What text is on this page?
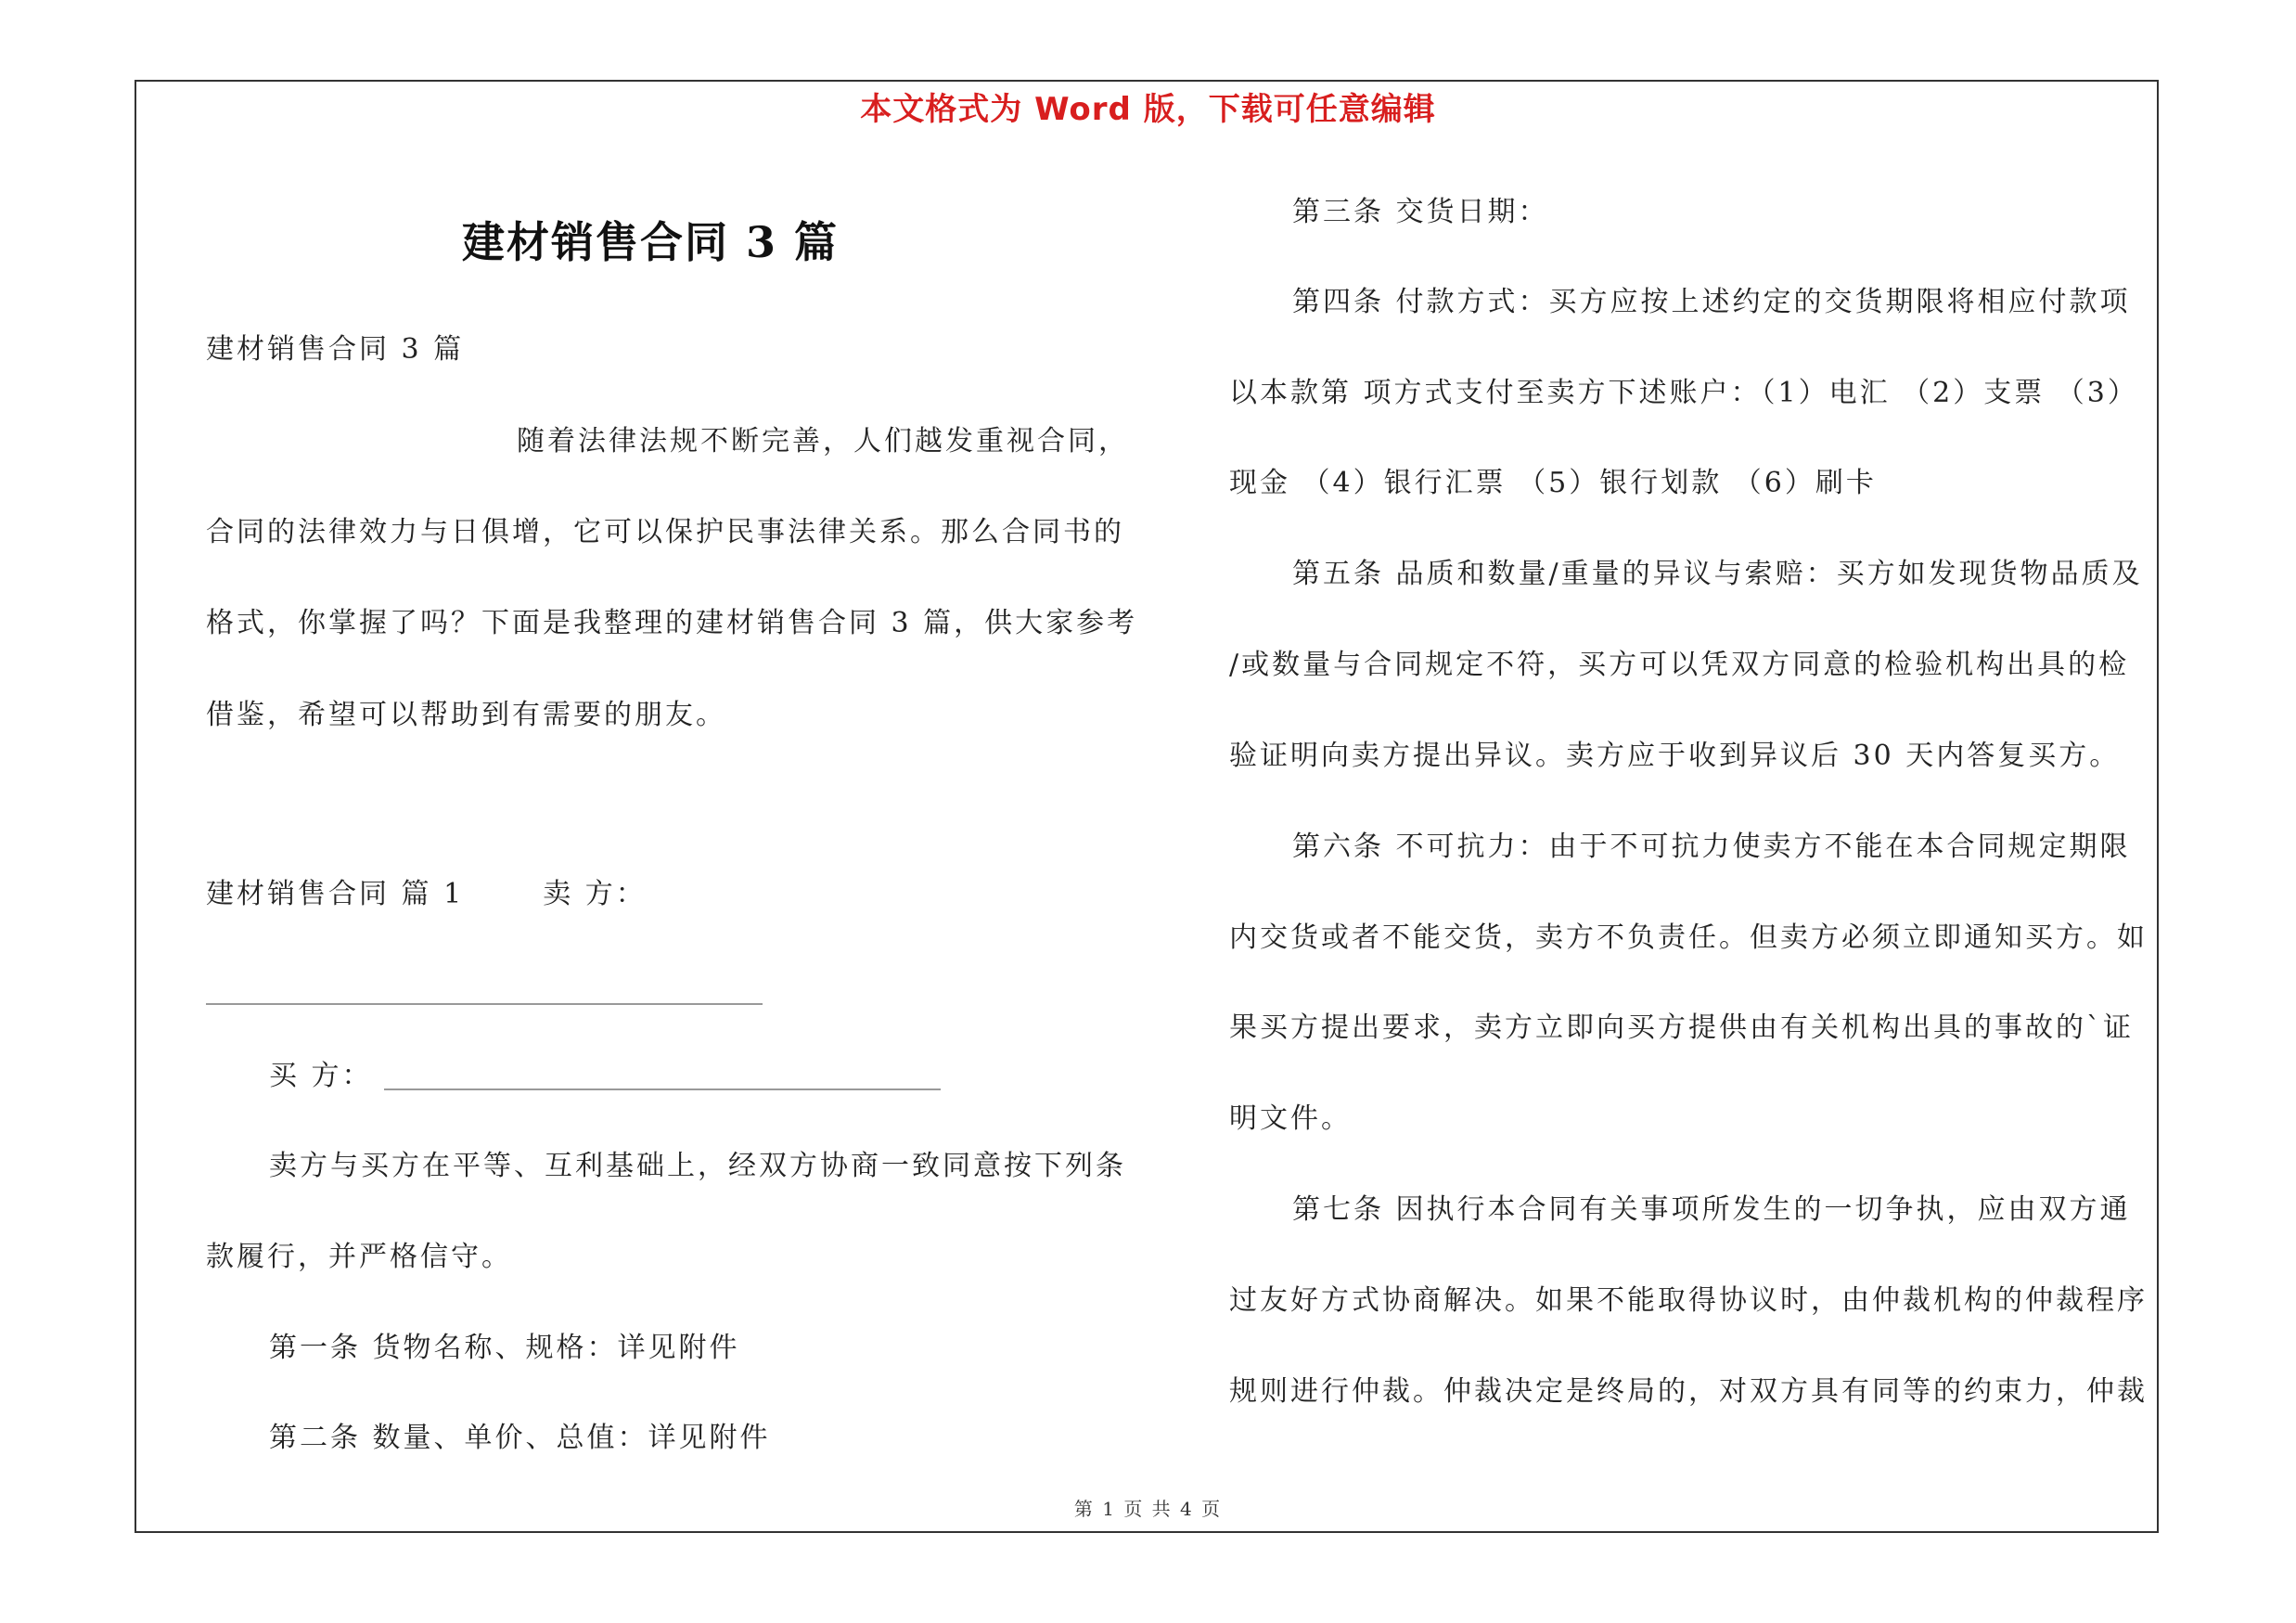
本文格式为 Word 版，下载可任意编辑
建材销售合同 3 篇
建材销售合同 3 篇
随着法律法规不断完善，人们越发重视合同，
合同的法律效力与日俱增，它可以保护民事法律关系。那么合同书的
格式，你掌握了吗？下面是我整理的建材销售合同 3 篇，供大家参考
借鉴，希望可以帮助到有需要的朋友。
建材销售合同 篇 1	卖 方：
买 方：
卖方与买方在平等、互利基础上，经双方协商一致同意按下列条
款履行，并严格信守。
第一条 货物名称、规格：详见附件
第二条 数量、单价、总值：详见附件
第三条 交货日期：
第四条 付款方式：买方应按上述约定的交货期限将相应付款项
以本款第 项方式支付至卖方下述账户：（1）电汇 （2）支票 （3）
现金 （4）银行汇票 （5）银行划款 （6）刷卡
第五条 品质和数量/重量的异议与索赔：买方如发现货物品质及
/或数量与合同规定不符，买方可以凭双方同意的检验机构出具的检
验证明向卖方提出异议。卖方应于收到异议后 30 天内答复买方。
第六条 不可抗力：由于不可抗力使卖方不能在本合同规定期限
内交货或者不能交货，卖方不负责任。但卖方必须立即通知买方。如
果买方提出要求，卖方立即向买方提供由有关机构出具的事故的`证
明文件。
第七条 因执行本合同有关事项所发生的一切争执，应由双方通
过友好方式协商解决。如果不能取得协议时，由仲裁机构的仲裁程序
规则进行仲裁。仲裁决定是终局的，对双方具有同等的约束力，仲裁
第 1 页 共 4 页
